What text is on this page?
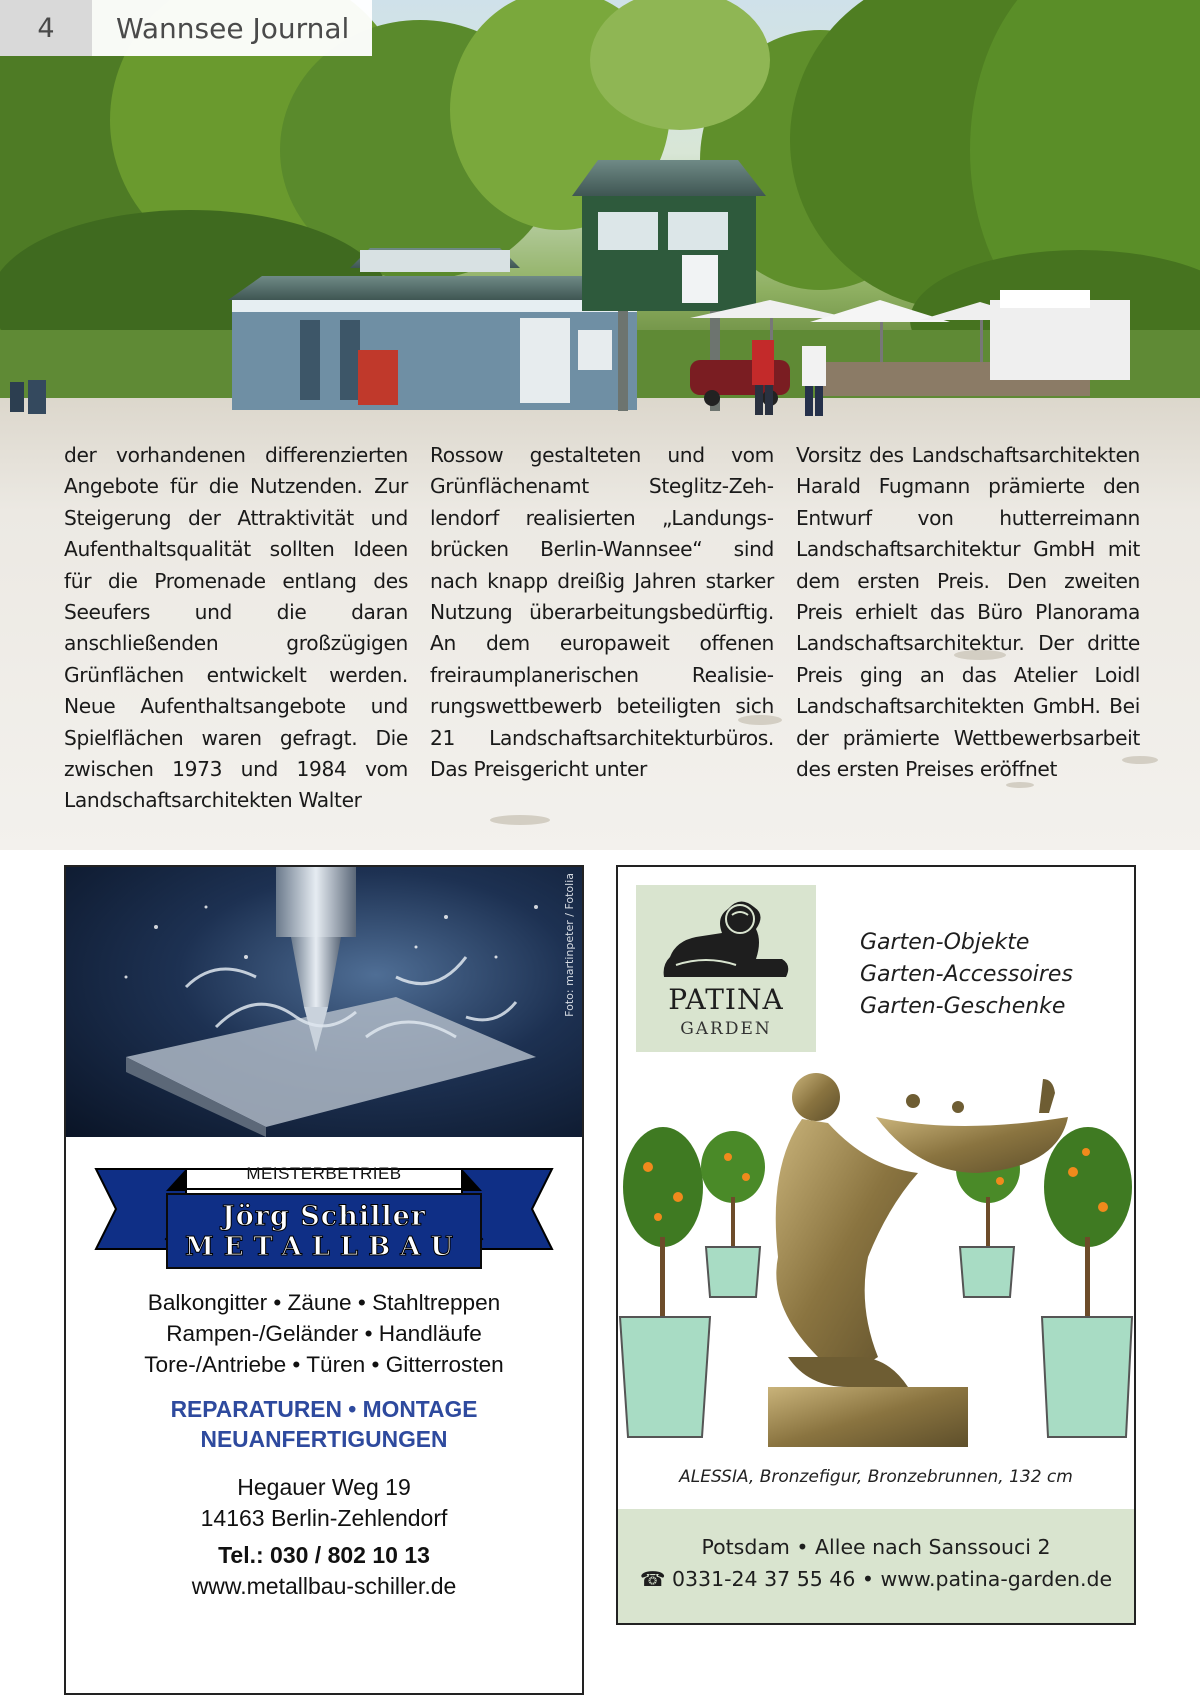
4	Wannsee Journal
der vorhandenen differenzierten Angebote für die Nutzenden. Zur Steigerung der Attraktivität und Aufenthaltsqualität sollten Ideen für die Promenade entlang des Seeufers und die daran anschließenden großzügigen Grünflächen entwickelt werden. Neue Aufenthaltsangebote und Spielflächen waren gefragt. Die zwischen 1973 und 1984 vom Landschaftsarchitekten Walter
Rossow gestalteten und vom Grünflächenamt Steglitz-Zehlendorf realisierten „Landungsbrücken Berlin-Wannsee“ sind nach knapp dreißig Jahren starker Nutzung überarbeitungsbedürftig. An dem europaweit offenen freiraumplanerischen Realisierungswettbewerb beteiligten sich 21 Landschaftsarchitekturbüros. Das Preisgericht unter
Vorsitz des Landschaftsarchitekten Harald Fugmann prämierte den Entwurf von hutterreimann Landschaftsarchitektur GmbH mit dem ersten Preis. Den zweiten Preis erhielt das Büro Planorama Landschaftsarchitektur. Der dritte Preis ging an das Atelier Loidl Landschaftsarchitekten GmbH. Bei der prämierte Wettbewerbsarbeit des ersten Preises eröffnet
Foto: martinpeter / Fotolia
MEISTERBETRIEB
Jörg Schiller
METALLBAU
Balkongitter • Zäune • Stahltreppen
Rampen-/Geländer • Handläufe
Tore-/Antriebe • Türen • Gitterrosten
REPARATUREN • MONTAGE
NEUANFERTIGUNGEN
Hegauer Weg 19
14163 Berlin-Zehlendorf
Tel.: 030 / 802 10 13
www.metallbau-schiller.de
PATINA
GARDEN
Garten-Objekte
Garten-Accessoires
Garten-Geschenke
ALESSIA, Bronzefigur, Bronzebrunnen, 132 cm
Potsdam • Allee nach Sanssouci 2
☎ 0331-24 37 55 46 • www.patina-garden.de
